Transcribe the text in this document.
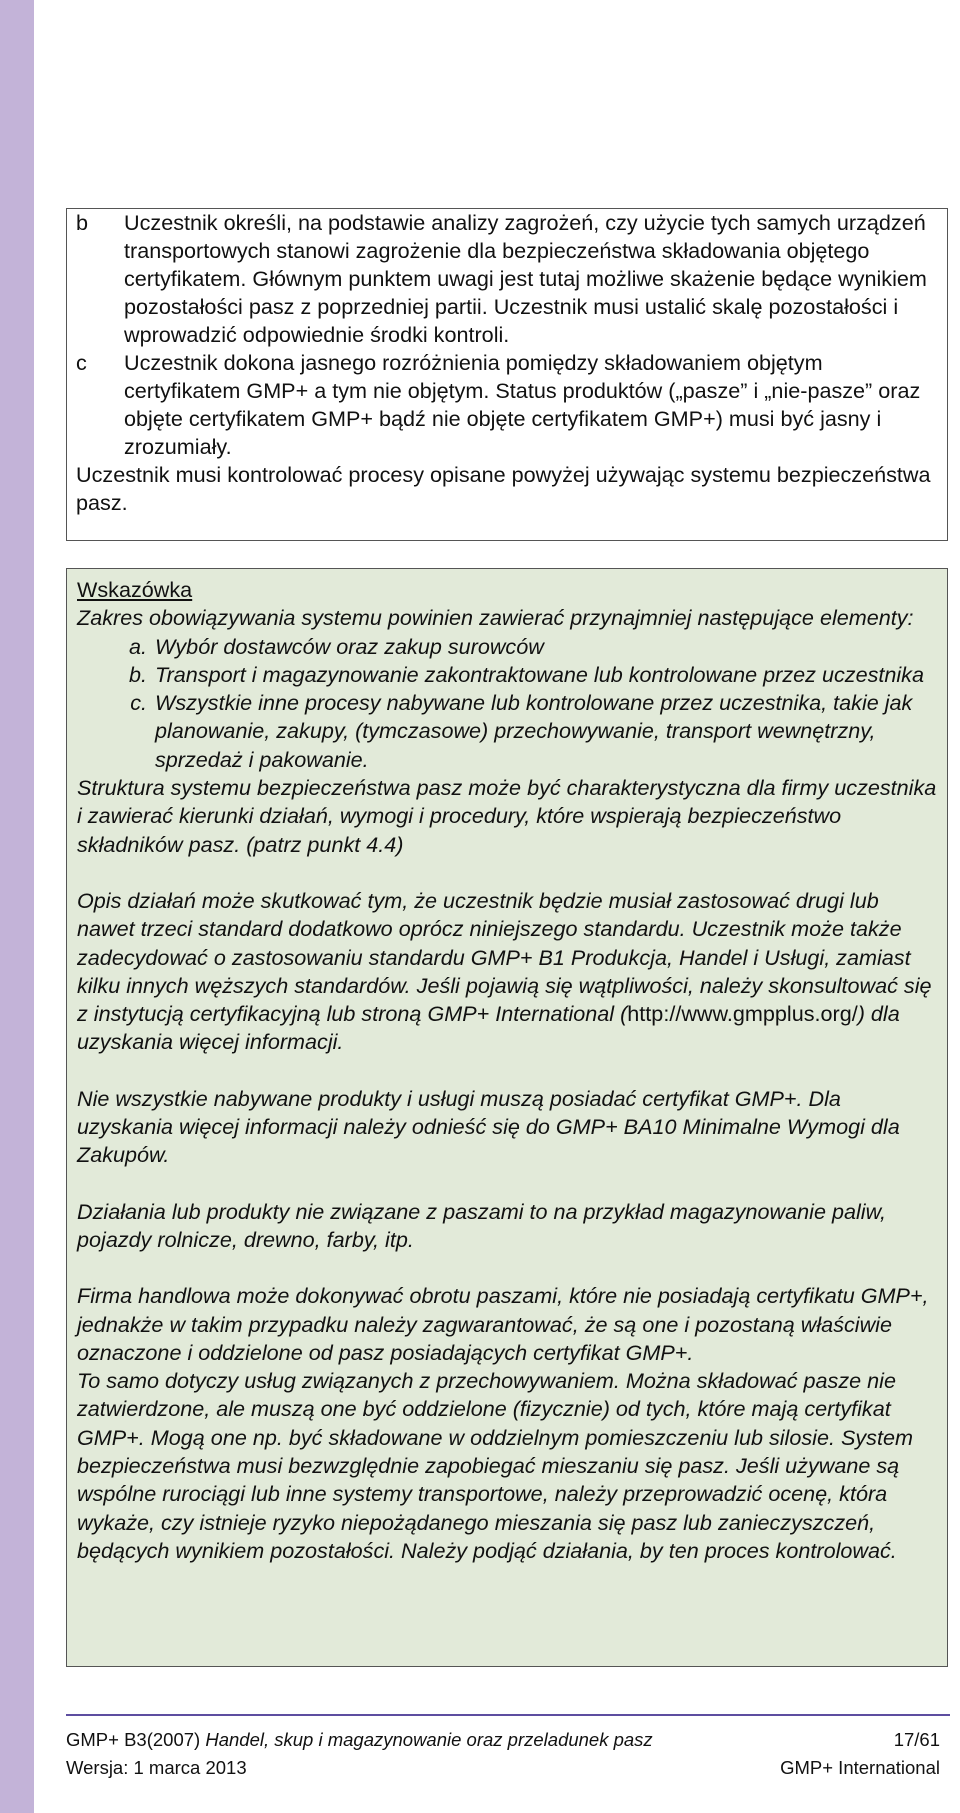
b	Uczestnik określi, na podstawie analizy zagrożeń, czy użycie tych samych urządzeń transportowych stanowi zagrożenie dla bezpieczeństwa składowania objętego certyfikatem. Głównym punktem uwagi jest tutaj możliwe skażenie będące wynikiem pozostałości pasz z poprzedniej partii. Uczestnik musi ustalić skalę pozostałości i wprowadzić odpowiednie środki kontroli.
c	Uczestnik dokona jasnego rozróżnienia pomiędzy składowaniem objętym certyfikatem GMP+ a tym nie objętym. Status produktów („pasze” i „nie-pasze” oraz objęte certyfikatem GMP+ bądź nie objęte certyfikatem GMP+) musi być jasny i zrozumiały.
Uczestnik musi kontrolować procesy opisane powyżej używając systemu bezpieczeństwa pasz.

Wskazówka

Zakres obowiązywania systemu powinien zawierać przynajmniej następujące elementy:

a. Wybór dostawców oraz zakup surowców
b. Transport i magazynowanie zakontraktowane lub kontrolowane przez uczestnika
c. Wszystkie inne procesy nabywane lub kontrolowane przez uczestnika, takie jak planowanie, zakupy, (tymczasowe) przechowywanie, transport wewnętrzny, sprzedaż i pakowanie.

Struktura systemu bezpieczeństwa pasz może być charakterystyczna dla firmy uczestnika i zawierać kierunki działań, wymogi i procedury, które wspierają bezpieczeństwo składników pasz. (patrz punkt 4.4)

Opis działań może skutkować tym, że uczestnik będzie musiał zastosować drugi lub nawet trzeci standard dodatkowo oprócz niniejszego standardu. Uczestnik może także zadecydować o zastosowaniu standardu GMP+ B1 Produkcja, Handel i Usługi, zamiast kilku innych węższych standardów. Jeśli pojawią się wątpliwości, należy skonsultować się z instytucją certyfikacyjną lub stroną GMP+ International (http://www.gmpplus.org/) dla uzyskania więcej informacji.

Nie wszystkie nabywane produkty i usługi muszą posiadać certyfikat GMP+. Dla uzyskania więcej informacji należy odnieść się do GMP+ BA10 Minimalne Wymogi dla Zakupów.

Działania lub produkty nie związane z paszami to na przykład magazynowanie paliw, pojazdy rolnicze, drewno, farby, itp.

Firma handlowa może dokonywać obrotu paszami, które nie posiadają certyfikatu GMP+, jednakże w takim przypadku należy zagwarantować, że są one i pozostaną właściwie oznaczone i oddzielone od pasz posiadających certyfikat GMP+.

To samo dotyczy usług związanych z przechowywaniem. Można składować pasze nie zatwierdzone, ale muszą one być oddzielone (fizycznie) od tych, które mają certyfikat GMP+. Mogą one np. być składowane w oddzielnym pomieszczeniu lub silosie. System bezpieczeństwa musi bezwzględnie zapobiegać mieszaniu się pasz. Jeśli używane są wspólne rurociągi lub inne systemy transportowe, należy przeprowadzić ocenę, która wykaże, czy istnieje ryzyko niepożądanego mieszania się pasz lub zanieczyszczeń, będących wynikiem pozostałości. Należy podjąć działania, by ten proces kontrolować.

GMP+ B3(2007) Handel, skup i magazynowanie oraz przeladunek pasz	17/61
Wersja: 1 marca 2013	GMP+ International
